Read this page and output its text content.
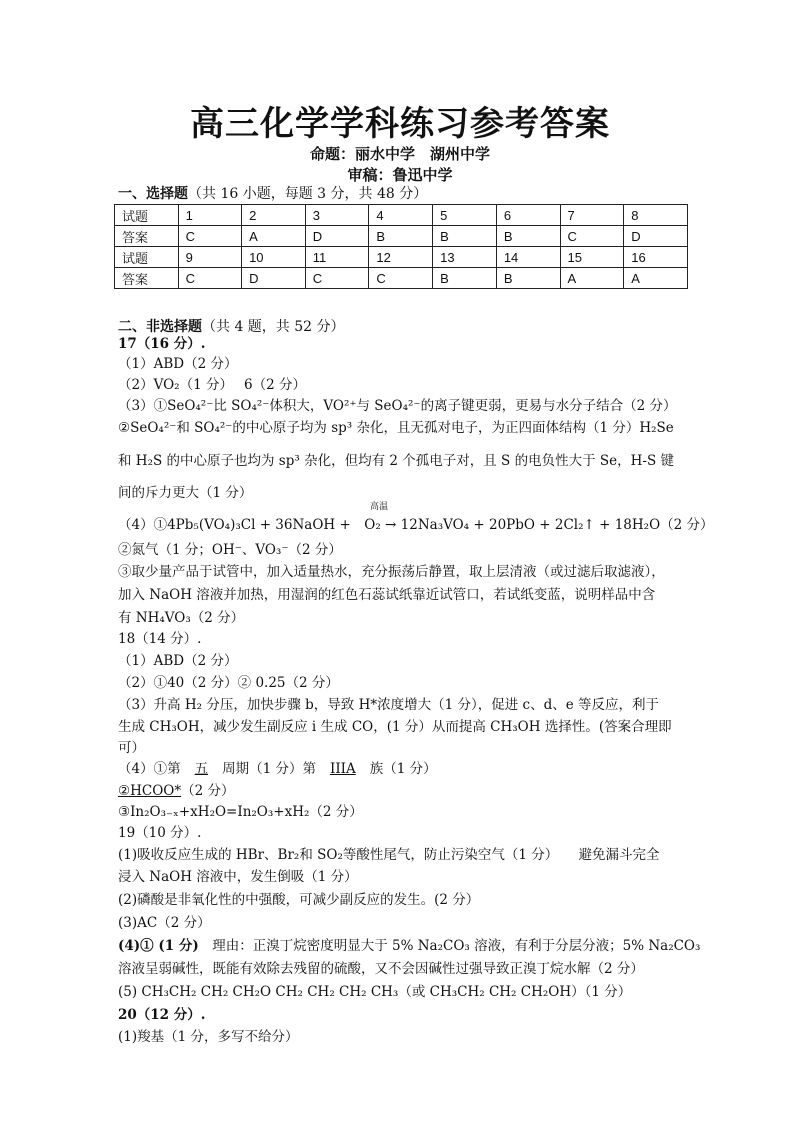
高三化学学科练习参考答案
命题：丽水中学　湖州中学
审稿：鲁迅中学
一、选择题（共 16 小题，每题 3 分，共 48 分）
试题	1	2	3	4	5	6	7	8
答案	C	A	D	B	B	B	C	D
试题	9	10	11	12	13	14	15	16
答案	C	D	C	C	B	B	A	A
二、非选择题（共 4 题，共 52 分）
17（16 分）.
（1）ABD（2 分）
（2）VO₂（1 分）　 6（2 分）
（3）①SeO₄²⁻比 SO₄²⁻体积大，VO²⁺与 SeO₄²⁻的离子键更弱，更易与水分子结合（2 分）
②SeO₄²⁻和 SO₄²⁻的中心原子均为 sp³ 杂化，且无孤对电子，为正四面体结构（1 分）H₂Se
和 H₂S 的中心原子也均为 sp³ 杂化，但均有 2 个孤电子对，且 S 的电负性大于 Se，H-S 键
间的斥力更大（1 分）
高温
（4）①4Pb₅(VO₄)₃Cl + 36NaOH +　O₂ → 12Na₃VO₄ + 20PbO + 2Cl₂↑ + 18H₂O（2 分）
②氮气（1 分；OH⁻、VO₃⁻（2 分）
③取少量产品于试管中，加入适量热水，充分振荡后静置，取上层清液（或过滤后取滤液），
加入 NaOH 溶液并加热，用湿润的红色石蕊试纸靠近试管口，若试纸变蓝，说明样品中含
有 NH₄VO₃（2 分）
18（14 分）.
（1）ABD（2 分）
（2）①40（2 分）② 0.25（2 分）
（3）升高 H₂ 分压，加快步骤 b，导致 H*浓度增大（1 分），促进 c、d、e 等反应，利于
生成 CH₃OH，减少发生副反应 i 生成 CO，(1 分）从而提高 CH₃OH 选择性。(答案合理即
可）
（4）①第 五 周期（1 分）第 IIIA 族（1 分）
②HCOO*（2 分）
③In₂O₃₋ₓ+xH₂O=In₂O₃+xH₂（2 分）
19（10 分）.
(1)吸收反应生成的 HBr、Br₂和 SO₂等酸性尾气，防止污染空气（1 分）　　避免漏斗完全
浸入 NaOH 溶液中，发生倒吸（1 分）
(2)磷酸是非氧化性的中强酸，可减少副反应的发生。(2 分）
(3)AC（2 分）
(4)① (1 分)　理由：正溴丁烷密度明显大于 5% Na₂CO₃ 溶液，有利于分层分液；5% Na₂CO₃
溶液呈弱碱性，既能有效除去残留的硫酸，又不会因碱性过强导致正溴丁烷水解（2 分）
(5) CH₃CH₂ CH₂ CH₂O CH₂ CH₂ CH₂ CH₃（或 CH₃CH₂ CH₂ CH₂OH）（1 分）
20（12 分）.
(1)羧基（1 分，多写不给分）
